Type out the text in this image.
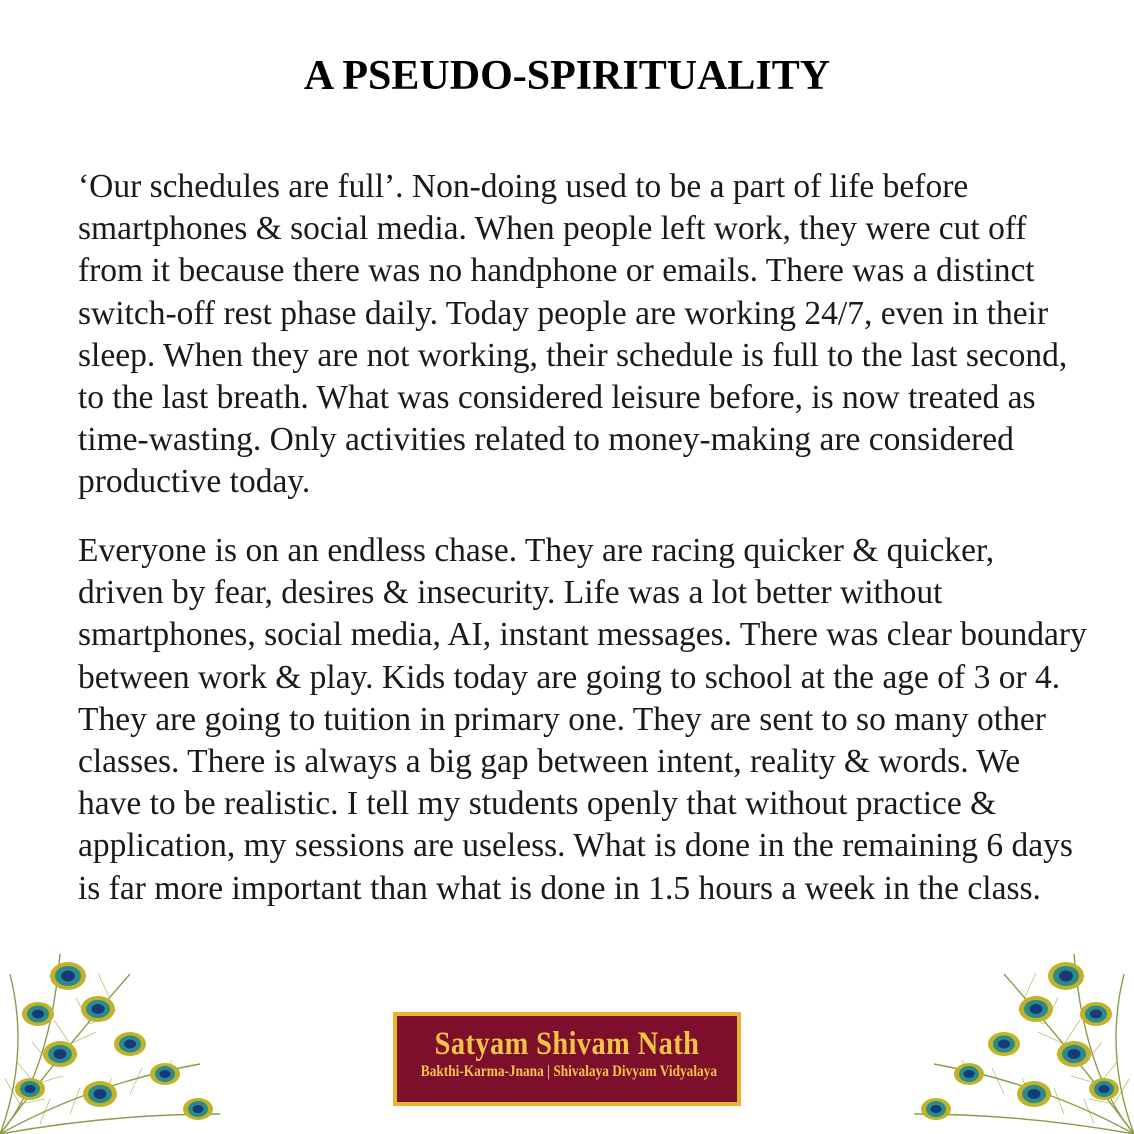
A PSEUDO-SPIRITUALITY

‘Our schedules are full’. Non-doing used to be a part of life before smartphones & social media. When people left work, they were cut off from it because there was no handphone or emails. There was a distinct switch-off rest phase daily. Today people are working 24/7, even in their sleep. When they are not working, their schedule is full to the last second, to the last breath. What was considered leisure before, is now treated as time-wasting. Only activities related to money-making are considered productive today.

Everyone is on an endless chase. They are racing quicker & quicker, driven by fear, desires & insecurity. Life was a lot better without smartphones, social media, AI, instant messages. There was clear boundary between work & play. Kids today are going to school at the age of 3 or 4. They are going to tuition in primary one. They are sent to so many other classes. There is always a big gap between intent, reality & words. We have to be realistic. I tell my students openly that without practice & application, my sessions are useless. What is done in the remaining 6 days is far more important than what is done in 1.5 hours a week in the class.

Satyam Shivam Nath
Bakthi-Karma-Jnana | Shivalaya Divyam Vidyalaya
